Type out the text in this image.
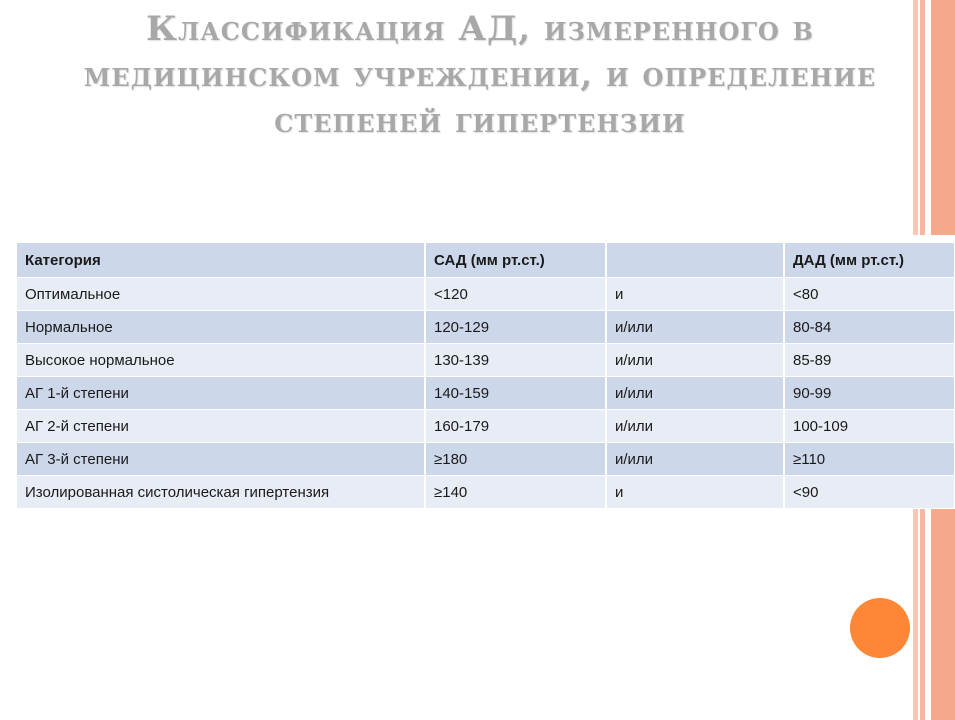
Классификация АД, измеренного в медицинском учреждении, и определение степеней гипертензии
Категория	САД (мм рт.ст.)		ДАД (мм рт.ст.)
Оптимальное	<120	и	<80
Нормальное	120-129	и/или	80-84
Высокое нормальное	130-139	и/или	85-89
АГ 1-й степени	140-159	и/или	90-99
АГ 2-й степени	160-179	и/или	100-109
АГ 3-й степени	≥180	и/или	≥110
Изолированная систолическая гипертензия	≥140	и	<90
